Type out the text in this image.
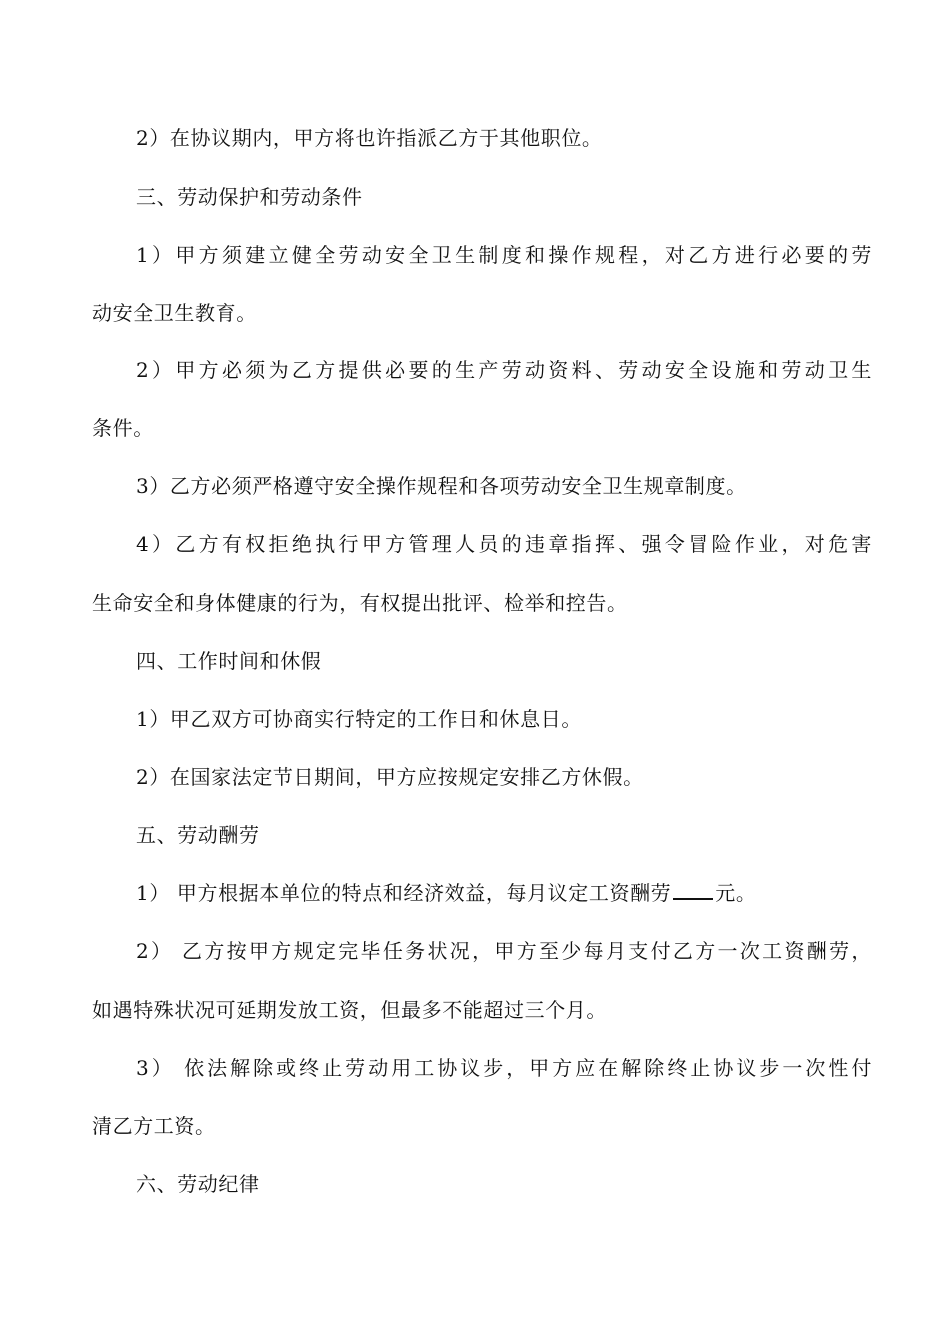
2）在协议期内，甲方将也许指派乙方于其他职位。
三、劳动保护和劳动条件
1）甲方须建立健全劳动安全卫生制度和操作规程，对乙方进行必要的劳
动安全卫生教育。
2）甲方必须为乙方提供必要的生产劳动资料、劳动安全设施和劳动卫生
条件。
3）乙方必须严格遵守安全操作规程和各项劳动安全卫生规章制度。
4）乙方有权拒绝执行甲方管理人员的违章指挥、强令冒险作业，对危害
生命安全和身体健康的行为，有权提出批评、检举和控告。
四、工作时间和休假
1）甲乙双方可协商实行特定的工作日和休息日。
2）在国家法定节日期间，甲方应按规定安排乙方休假。
五、劳动酬劳
1） 甲方根据本单位的特点和经济效益，每月议定工资酬劳 元。
2） 乙方按甲方规定完毕任务状况，甲方至少每月支付乙方一次工资酬劳，
如遇特殊状况可延期发放工资，但最多不能超过三个月。
3） 依法解除或终止劳动用工协议步，甲方应在解除终止协议步一次性付
清乙方工资。
六、劳动纪律
